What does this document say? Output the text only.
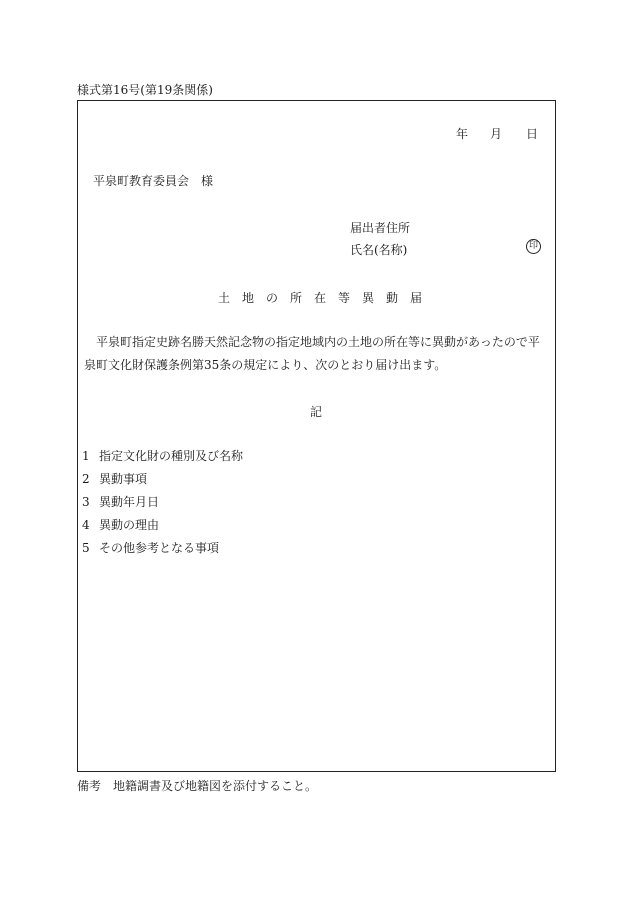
様式第16号(第19条関係)
年 月 日
平泉町教育委員会　様
届出者住所
氏名(名称)	印
土地の所在等異動届
平泉町指定史跡名勝天然記念物の指定地域内の土地の所在等に異動があったので平泉町文化財保護条例第35条の規定により、次のとおり届け出ます。
記
1 指定文化財の種別及び名称
2 異動事項
3 異動年月日
4 異動の理由
5 その他参考となる事項
備考 地籍調書及び地籍図を添付すること。
